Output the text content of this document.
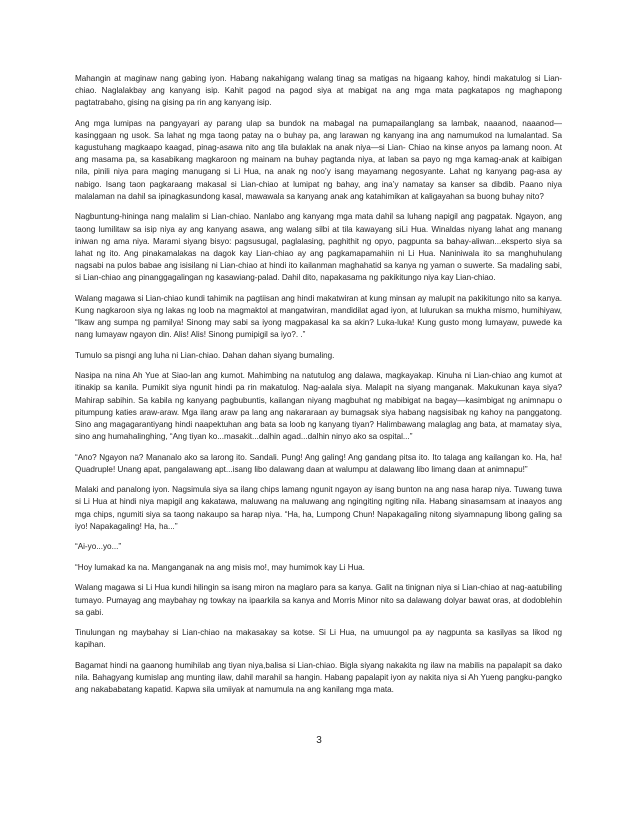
Mahangin at maginaw nang gabing iyon. Habang nakahigang walang tinag sa matigas na higaang kahoy, hindi makatulog si Lian-chiao. Naglalakbay ang kanyang isip. Kahit pagod na pagod siya at mabigat na ang mga mata pagkatapos ng maghapong pagtatrabaho, gising na gising pa rin ang kanyang isip.

Ang mga lumipas na pangyayari ay parang ulap sa bundok na mabagal na pumapailanglang sa lambak, naaanod, naaanod—kasinggaan ng usok. Sa lahat ng mga taong patay na o buhay pa, ang larawan ng kanyang ina ang namumukod na lumalantad. Sa kagustuhang magkaapo kaagad, pinag-asawa nito ang tila bulaklak na anak niya—si Lian- Chiao na kinse anyos pa lamang noon. At ang masama pa, sa kasabikang magkaroon ng mainam na buhay pagtanda niya, at laban sa payo ng mga kamag-anak at kaibigan nila, pinili niya para maging manugang si Li Hua, na anak ng noo’y isang mayamang negosyante. Lahat ng kanyang pag-asa ay nabigo. Isang taon pagkaraang makasal si Lian-chiao at lumipat ng bahay, ang ina’y namatay sa kanser sa dibdib. Paano niya malalaman na dahil sa ipinagkasundong kasal, mawawala sa kanyang anak ang katahimikan at kaligayahan sa buong buhay nito?

Nagbuntung-hininga nang malalim si Lian-chiao. Nanlabo ang kanyang mga mata dahil sa luhang napigil ang pagpatak. Ngayon, ang taong lumilitaw sa isip niya ay ang kanyang asawa, ang walang silbi at tila kawayang siLi Hua. Winaldas niyang lahat ang manang iniwan ng ama niya. Marami siyang bisyo: pagsusugal, paglalasing, paghithit ng opyo, pagpunta sa bahay-aliwan...eksperto siya sa lahat ng ito. Ang pinakamalakas na dagok kay Lian-chiao ay ang pagkamapamahiin ni Li Hua. Naniniwala ito sa manghuhulang nagsabi na pulos babae ang isisilang ni Lian-chiao at hindi ito kailanman maghahatid sa kanya ng yaman o suwerte. Sa madaling sabi, si Lian-chiao ang pinanggagalingan ng kasawiang-palad. Dahil dito, napakasama ng pakikitungo niya kay Lian-chiao.

Walang magawa si Lian-chiao kundi tahimik na pagtiisan ang hindi makatwiran at kung minsan ay malupit na pakikitungo nito sa kanya. Kung nagkaroon siya ng lakas ng loob na magmaktol at mangatwiran, mandidilat agad iyon, at lulurukan sa mukha mismo, humihiyaw, “Ikaw ang sumpa ng pamilya! Sinong may sabi sa iyong magpakasal ka sa akin? Luka-luka! Kung gusto mong lumayaw, puwede ka nang lumayaw ngayon din. Alis! Alis! Sinong pumipigil sa iyo?. .”

Tumulo sa pisngi ang luha ni Lian-chiao. Dahan dahan siyang bumaling.

Nasipa na nina Ah Yue at Siao-lan ang kumot. Mahimbing na natutulog ang dalawa, magkayakap. Kinuha ni Lian-chiao ang kumot at itinakip sa kanila. Pumikit siya ngunit hindi pa rin makatulog. Nag-aalala siya. Malapit na siyang manganak. Makukunan kaya siya? Mahirap sabihin. Sa kabila ng kanyang pagbubuntis, kailangan niyang magbuhat ng mabibigat na bagay—kasimbigat ng animnapu o pitumpung katies araw-araw. Mga ilang araw pa lang ang nakararaan ay bumagsak siya habang nagsisibak ng kahoy na panggatong. Sino ang magagarantiyang hindi naapektuhan ang bata sa loob ng kanyang tiyan? Halimbawang malaglag ang bata, at mamatay siya, sino ang humahalinghing, “Ang tiyan ko...masakit...dalhin agad...dalhin ninyo ako sa ospital...”

“Ano? Ngayon na? Mananalo ako sa larong ito. Sandali. Pung! Ang galing! Ang gandang pitsa ito. Ito talaga ang kailangan ko. Ha, ha! Quadruple! Unang apat, pangalawang apt...isang libo dalawang daan at walumpu at dalawang libo limang daan at animnapu!”

Malaki and panalong iyon. Nagsimula siya sa ilang chips lamang ngunit ngayon ay isang bunton na ang nasa harap niya. Tuwang tuwa si Li Hua at hindi niya mapigil ang kakatawa, maluwang na maluwang ang ngingiting ngiting nila. Habang sinasamsam at inaayos ang mga chips, ngumiti siya sa taong nakaupo sa harap niya. “Ha, ha, Lumpong Chun! Napakagaling nitong siyamnapung libong galing sa iyo! Napakagaling! Ha, ha...”

“Ai-yo...yo...”

“Hoy lumakad ka na. Manganganak na ang misis mo!, may humimok kay Li Hua.

Walang magawa si Li Hua kundi hilingin sa isang miron na maglaro para sa kanya. Galit na tinignan niya si Lian-chiao at nag-aatubiling tumayo. Pumayag ang maybahay ng towkay na ipaarkila sa kanya and Morris Minor nito sa dalawang dolyar bawat oras, at dodoblehin sa gabi.

Tinulungan ng maybahay si Lian-chiao na makasakay sa kotse. Si Li Hua, na umuungol pa ay nagpunta sa kasilyas sa likod ng kapihan.

Bagamat hindi na gaanong humihilab ang tiyan niya,balisa si Lian-chiao. Bigla siyang nakakita ng ilaw na mabilis na papalapit sa dako nila. Bahagyang kumislap ang munting ilaw, dahil marahil sa hangin. Habang papalapit iyon ay nakita niya si Ah Yueng pangku-pangko ang nakababatang kapatid. Kapwa sila umiiyak at namumula na ang kanilang mga mata.

3
